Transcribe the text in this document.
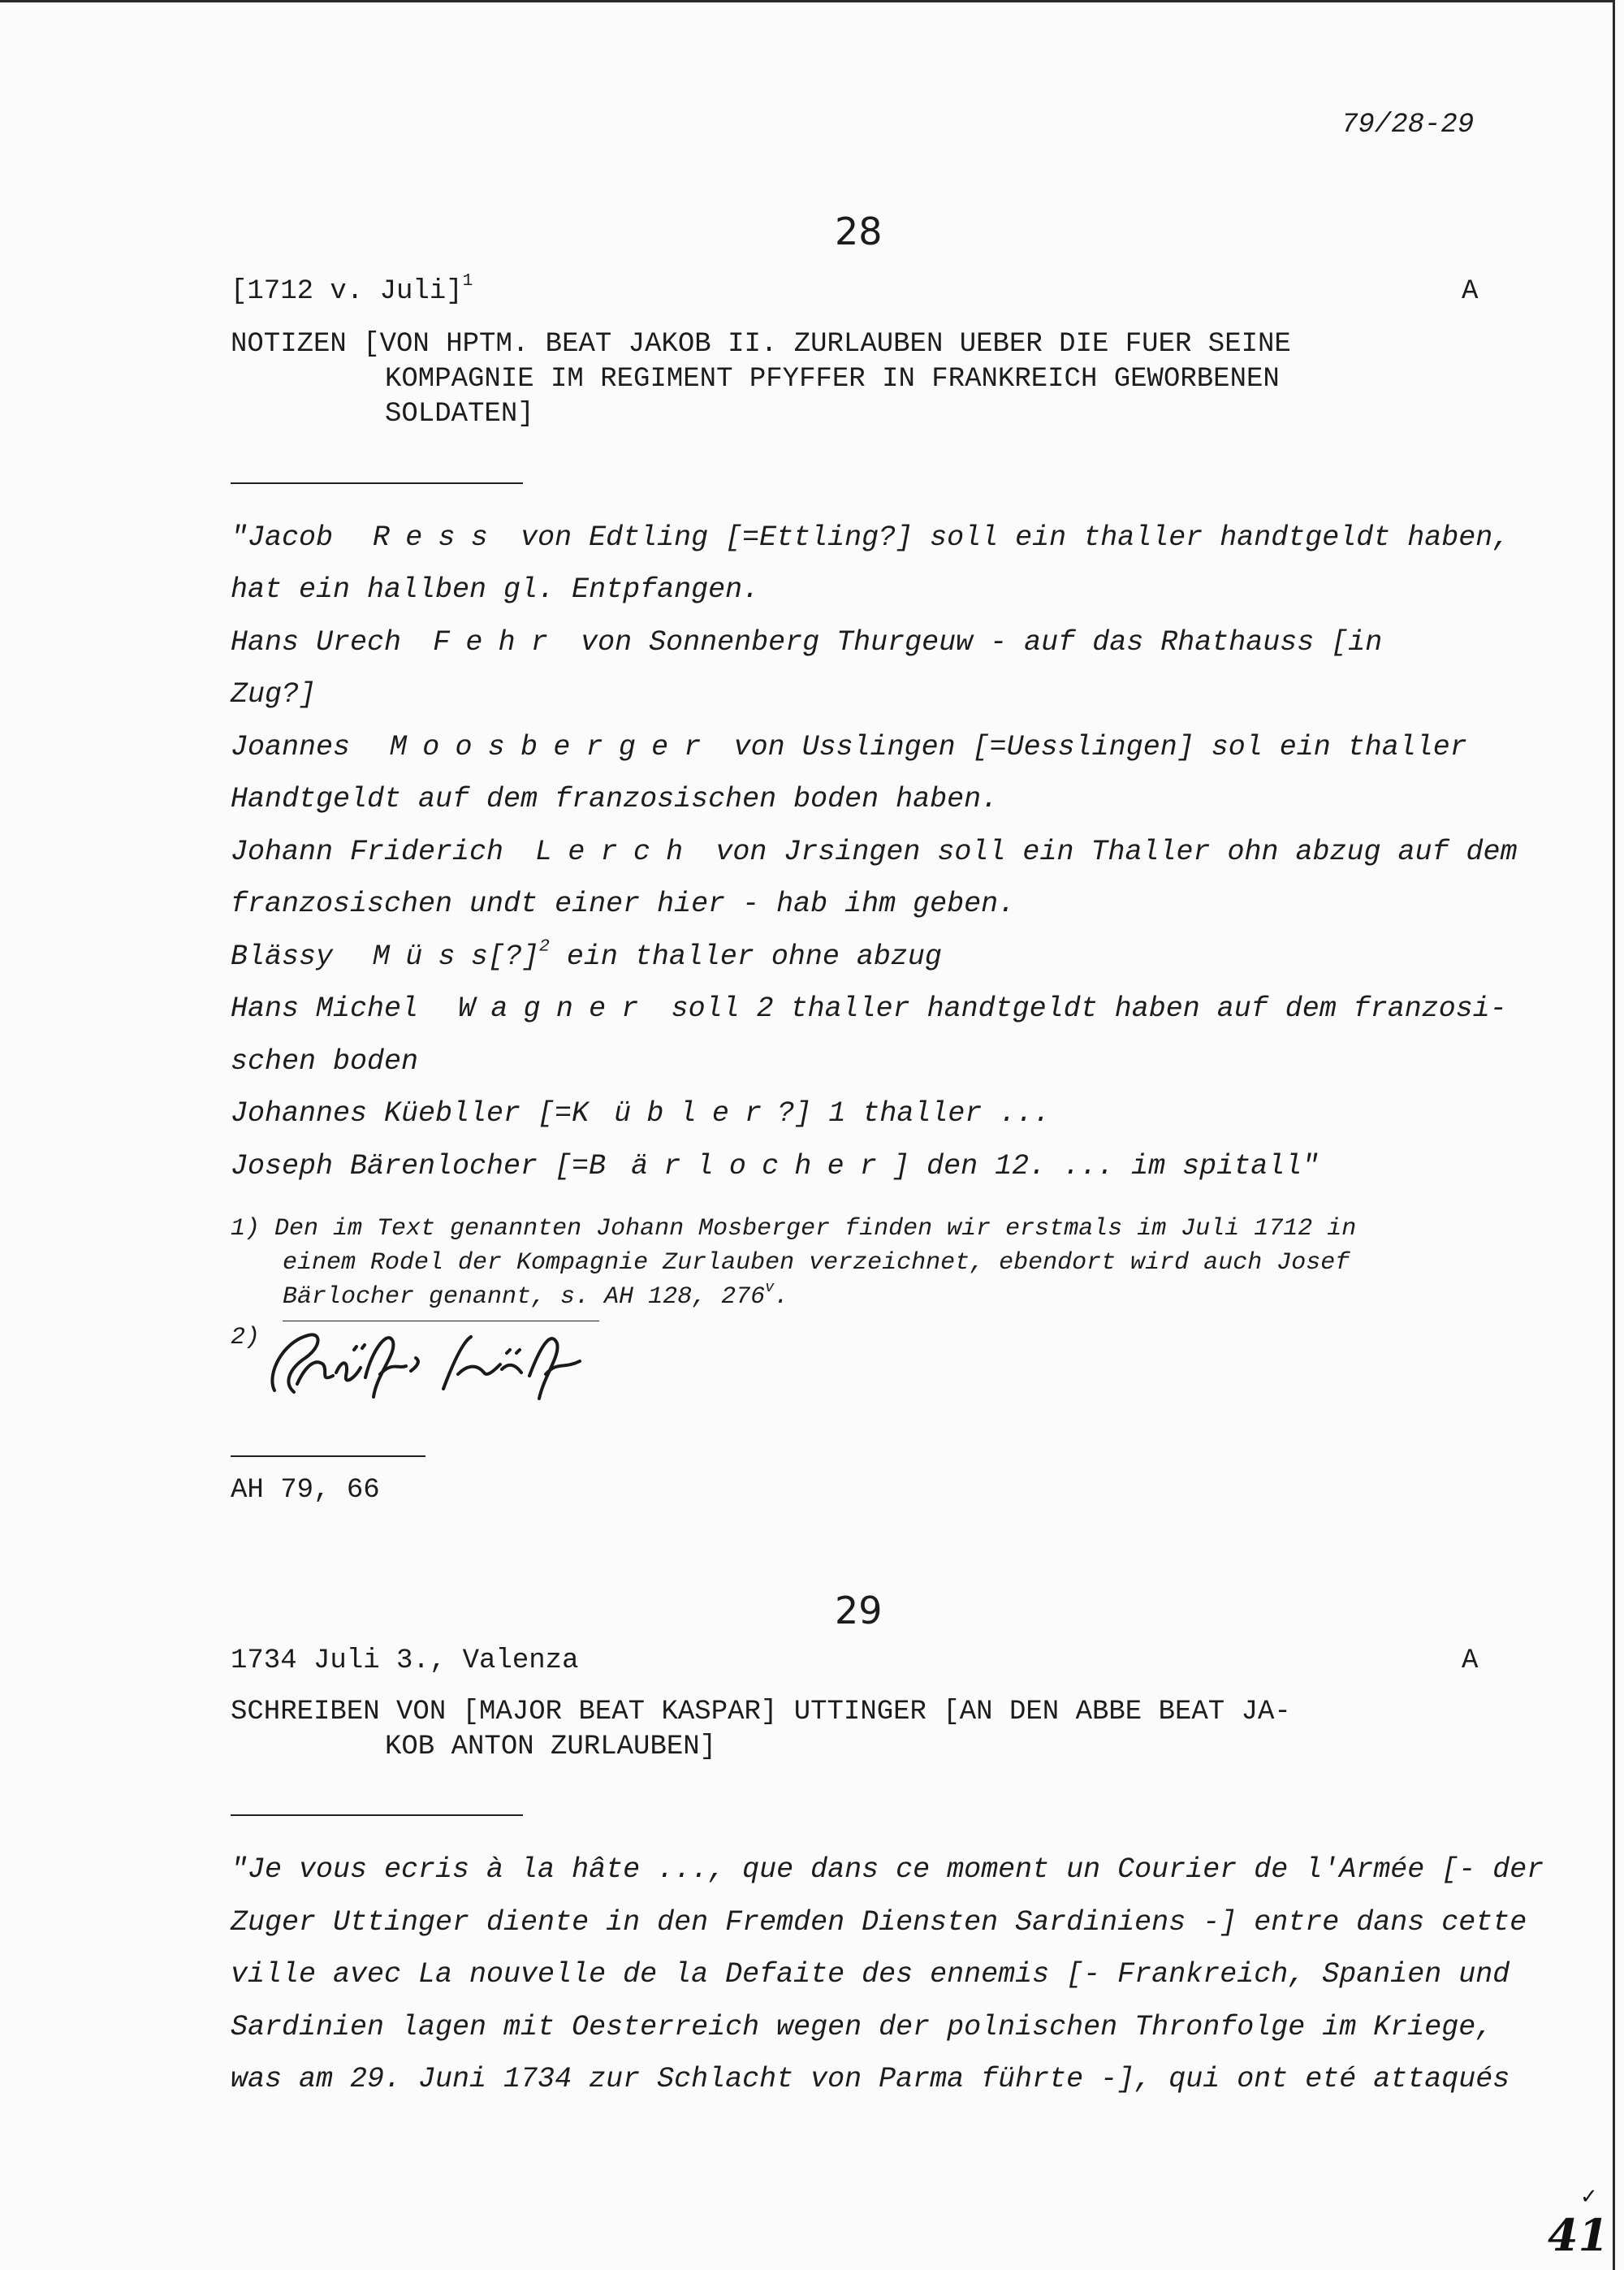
79/28-29
28
[1712 v. Juli]$^1$	A
NOTIZEN [VON HPTM. BEAT JAKOB II. ZURLAUBEN UEBER DIE FUER SEINE
KOMPAGNIE IM REGIMENT PFYFFER IN FRANKREICH GEWORBENEN
SOLDATEN]
"Jacob Ress von Edtling [=Ettling?] soll ein thaller handtgeldt haben,
hat ein hallben gl. Entpfangen.
Hans Urech Fehr von Sonnenberg Thurgeuw - auf das Rhathauss [in
Zug?]
Joannes Moosberger von Usslingen [=Uesslingen] sol ein thaller
Handtgeldt auf dem franzosischen boden haben.
Johann Friderich Lerch von Jrsingen soll ein Thaller ohn abzug auf dem
franzosischen undt einer hier - hab ihm geben.
Blässy Müss[?]$^2$ ein thaller ohne abzug
Hans Michel Wagner soll 2 thaller handtgeldt haben auf dem franzosi-
schen boden
Johannes Küebller [=K übler?] 1 thaller ...
Joseph Bärenlocher [=B ärlocher] den 12. ... im spitall"
1) Den im Text genannten Johann Mosberger finden wir erstmals im Juli 1712 in
einem Rodel der Kompagnie Zurlauben verzeichnet, ebendort wird auch Josef
Bärlocher genannt, s. AH 128, 276$^v$.
2)
AH 79, 66
29
1734 Juli 3., Valenza	A
SCHREIBEN VON [MAJOR BEAT KASPAR] UTTINGER [AN DEN ABBE BEAT JA-
KOB ANTON ZURLAUBEN]
"Je vous ecris à la hâte ..., que dans ce moment un Courier de l'Armée [- der
Zuger Uttinger diente in den Fremden Diensten Sardiniens -] entre dans cette
ville avec La nouvelle de la Defaite des ennemis [- Frankreich, Spanien und
Sardinien lagen mit Oesterreich wegen der polnischen Thronfolge im Kriege,
was am 29. Juni 1734 zur Schlacht von Parma führte -], qui ont eté attaqués
✓
41
